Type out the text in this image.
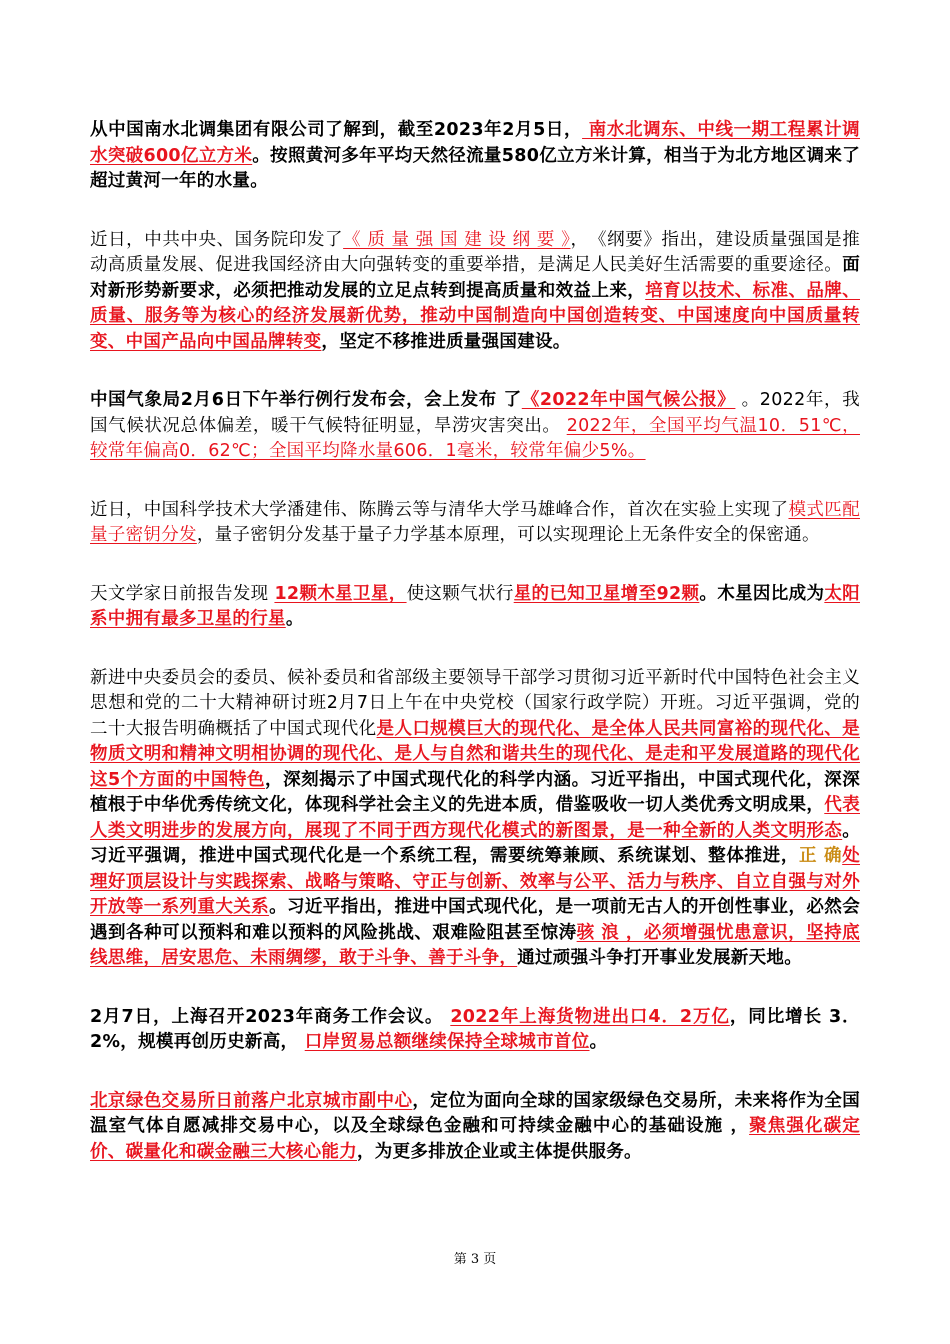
从中国南水北调集团有限公司了解到，截至2023年2月5日， 南水北调东、中线一期工程累计调水突破600亿立方米。按照黄河多年平均天然径流量580亿立方米计算，相当于为北方地区调来了超过黄河一年的水量。

近日，中共中央、国务院印发了《 质 量 强 国 建 设 纲 要 》，　《纲要》指出，建设质量强国是推动高质量发展、促进我国经济由大向强转变的重要举措，是满足人民美好生活需要的重要途径。面对新形势新要求，必须把推动发展的立足点转到提高质量和效益上来，培育以技术、标准、品牌、质量、服务等为核心的经济发展新优势，推动中国制造向中国创造转变、中国速度向中国质量转变、中国产品向中国品牌转变，坚定不移推进质量强国建设。

中国气象局2月6日下午举行例行发布会，会上发布 了《2022年中国气候公报》 。2022年，我国气候状况总体偏差，暖干气候特征明显，旱涝灾害突出。 2022年，全国平均气温10．51℃，较常年偏高0．62℃；全国平均降水量606．1毫米，较常年偏少5%。

近日，中国科学技术大学潘建伟、陈腾云等与清华大学马雄峰合作，首次在实验上实现了模式匹配量子密钥分发，量子密钥分发基于量子力学基本原理，可以实现理论上无条件安全的保密通。

天文学家日前报告发现 12颗木星卫星，使这颗气状行星的已知卫星增至92颗。木星因比成为太阳系中拥有最多卫星的行星。

新进中央委员会的委员、候补委员和省部级主要领导干部学习贯彻习近平新时代中国特色社会主义思想和党的二十大精神研讨班2月7日上午在中央党校（国家行政学院）开班。习近平强调，党的二十大报告明确概括了中国式现代化是人口规模巨大的现代化、是全体人民共同富裕的现代化、是物质文明和精神文明相协调的现代化、是人与自然和谐共生的现代化、是走和平发展道路的现代化这5个方面的中国特色，深刻揭示了中国式现代化的科学内涵。习近平指出，中国式现代化，深深植根于中华优秀传统文化，体现科学社会主义的先进本质，借鉴吸收一切人类优秀文明成果，代表人类文明进步的发展方向，展现了不同于西方现代化模式的新图景，是一种全新的人类文明形态。习近平强调，推进中国式现代化是一个系统工程，需要统筹兼顾、系统谋划、整体推进，正 确处理好顶层设计与实践探索、战略与策略、守正与创新、效率与公平、活力与秩序、自立自强与对外开放等一系列重大关系。习近平指出，推进中国式现代化，是一项前无古人的开创性事业，必然会遇到各种可以预料和难以预料的风险挑战、艰难险阻甚至惊涛骇 浪 ，必须增强忧患意识，坚持底线思维，居安思危、未雨绸缪，敢于斗争、善于斗争，通过顽强斗争打开事业发展新天地。

2月7日，上海召开2023年商务工作会议。 2022年上海货物进出口4．2万亿，同比增长 3．2%，规模再创历史新高， 口岸贸易总额继续保持全球城市首位。

北京绿色交易所日前落户北京城市副中心，定位为面向全球的国家级绿色交易所，未来将作为全国温室气体自愿减排交易中心，以及全球绿色金融和可持续金融中心的基础设施 ，聚焦强化碳定价、碳量化和碳金融三大核心能力，为更多排放企业或主体提供服务。

第 3 页
